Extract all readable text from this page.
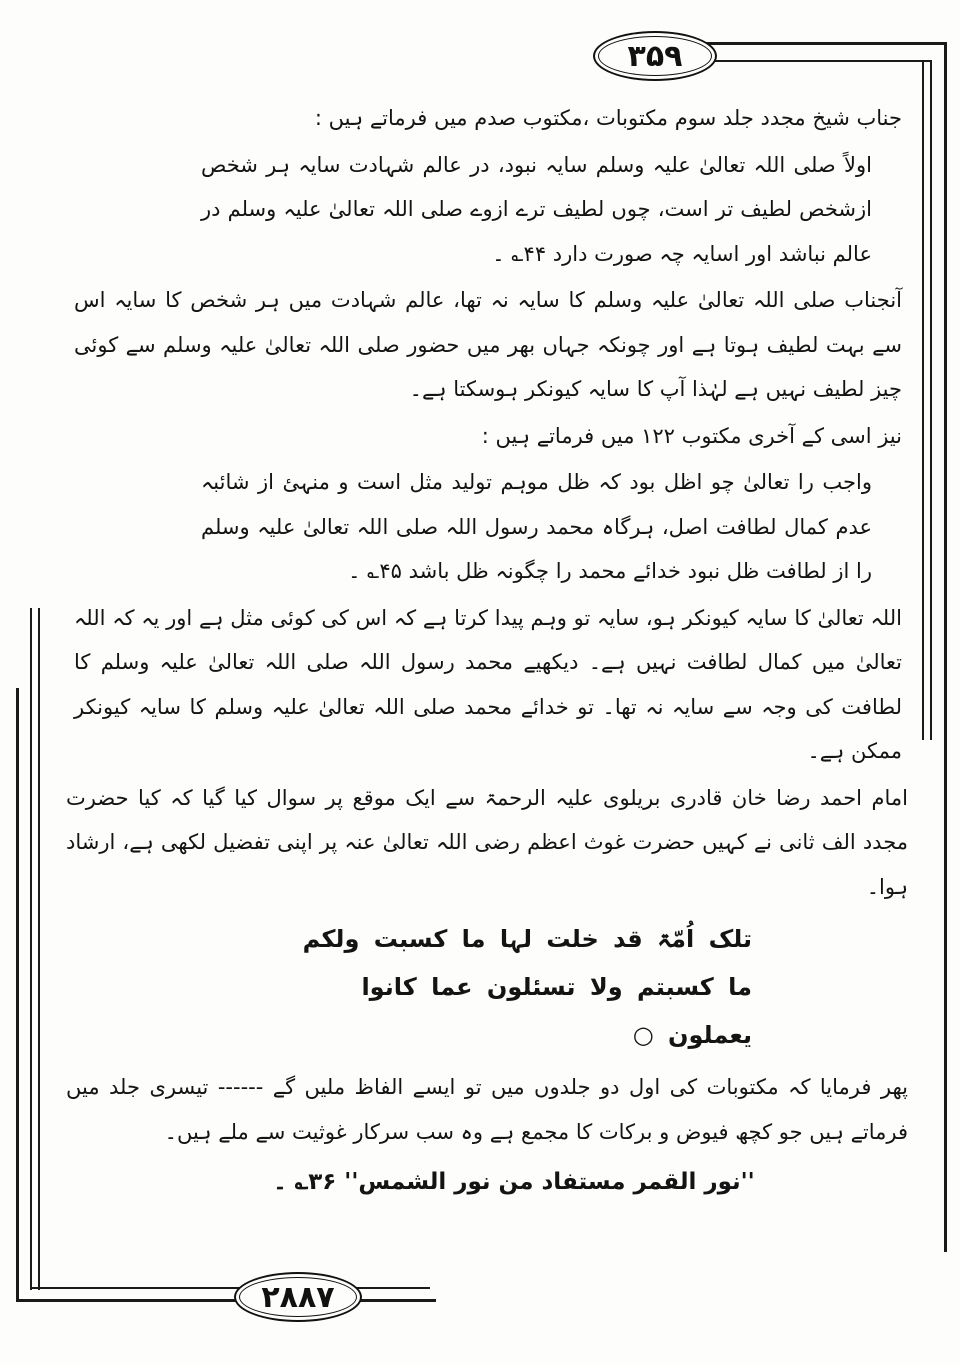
۳۵۹
۲۸۸۷

جناب شیخ مجدد جلد سوم مکتوبات ،مکتوب صدم میں فرماتے ہیں :

اولاً صلی اللہ تعالیٰ علیہ وسلم سایہ نبود، در عالم شہادت سایہ ہر شخص ازشخص لطیف تر است، چوں لطیف ترے ازوے صلی اللہ تعالیٰ علیہ وسلم در عالم نباشد اور اسایہ چہ صورت دارد ۴۴؎ ۔

آنجناب صلی اللہ تعالیٰ علیہ وسلم کا سایہ نہ تھا، عالم شہادت میں ہر شخص کا سایہ اس سے بہت لطیف ہوتا ہے اور چونکہ جہاں بھر میں حضور صلی اللہ تعالیٰ علیہ وسلم سے کوئی چیز لطیف نہیں ہے لہٰذا آپ کا سایہ کیونکر ہوسکتا ہے۔

نیز اسی کے آخری مکتوب ۱۲۲ میں فرماتے ہیں :

واجب را تعالیٰ چو اظل بود کہ ظل موہم تولید مثل است و منہئ از شائبہ عدم کمال لطافت اصل، ہرگاہ محمد رسول اللہ صلی اللہ تعالیٰ علیہ وسلم را از لطافت ظل نبود خدائے محمد را چگونہ ظل باشد ۴۵؎ ۔

اللہ تعالیٰ کا سایہ کیونکر ہو، سایہ تو وہم پیدا کرتا ہے کہ اس کی کوئی مثل ہے اور یہ کہ اللہ تعالیٰ میں کمال لطافت نہیں ہے۔ دیکھیے محمد رسول اللہ صلی اللہ تعالیٰ علیہ وسلم کا لطافت کی وجہ سے سایہ نہ تھا۔ تو خدائے محمد صلی اللہ تعالیٰ علیہ وسلم کا سایہ کیونکر ممکن ہے۔

امام احمد رضا خان قادری بریلوی علیہ الرحمۃ سے ایک موقع پر سوال کیا گیا کہ کیا حضرت مجدد الف ثانی نے کہیں حضرت غوث اعظم رضی اللہ تعالیٰ عنہ پر اپنی تفضیل لکھی ہے، ارشاد ہوا۔

تلک اُمّۃ قد خلت لہا ما کسبت ولکم ما کسبتم ولا تسئلون عما کانوا یعملون ○

پھر فرمایا کہ مکتوبات کی اول دو جلدوں میں تو ایسے الفاظ ملیں گے ------ تیسری جلد میں فرماتے ہیں جو کچھ فیوض و برکات کا مجمع ہے وہ سب سرکار غوثیت سے ملے ہیں۔

''نور القمر مستفاد من نور الشمس'' ۳۶؎ ۔
